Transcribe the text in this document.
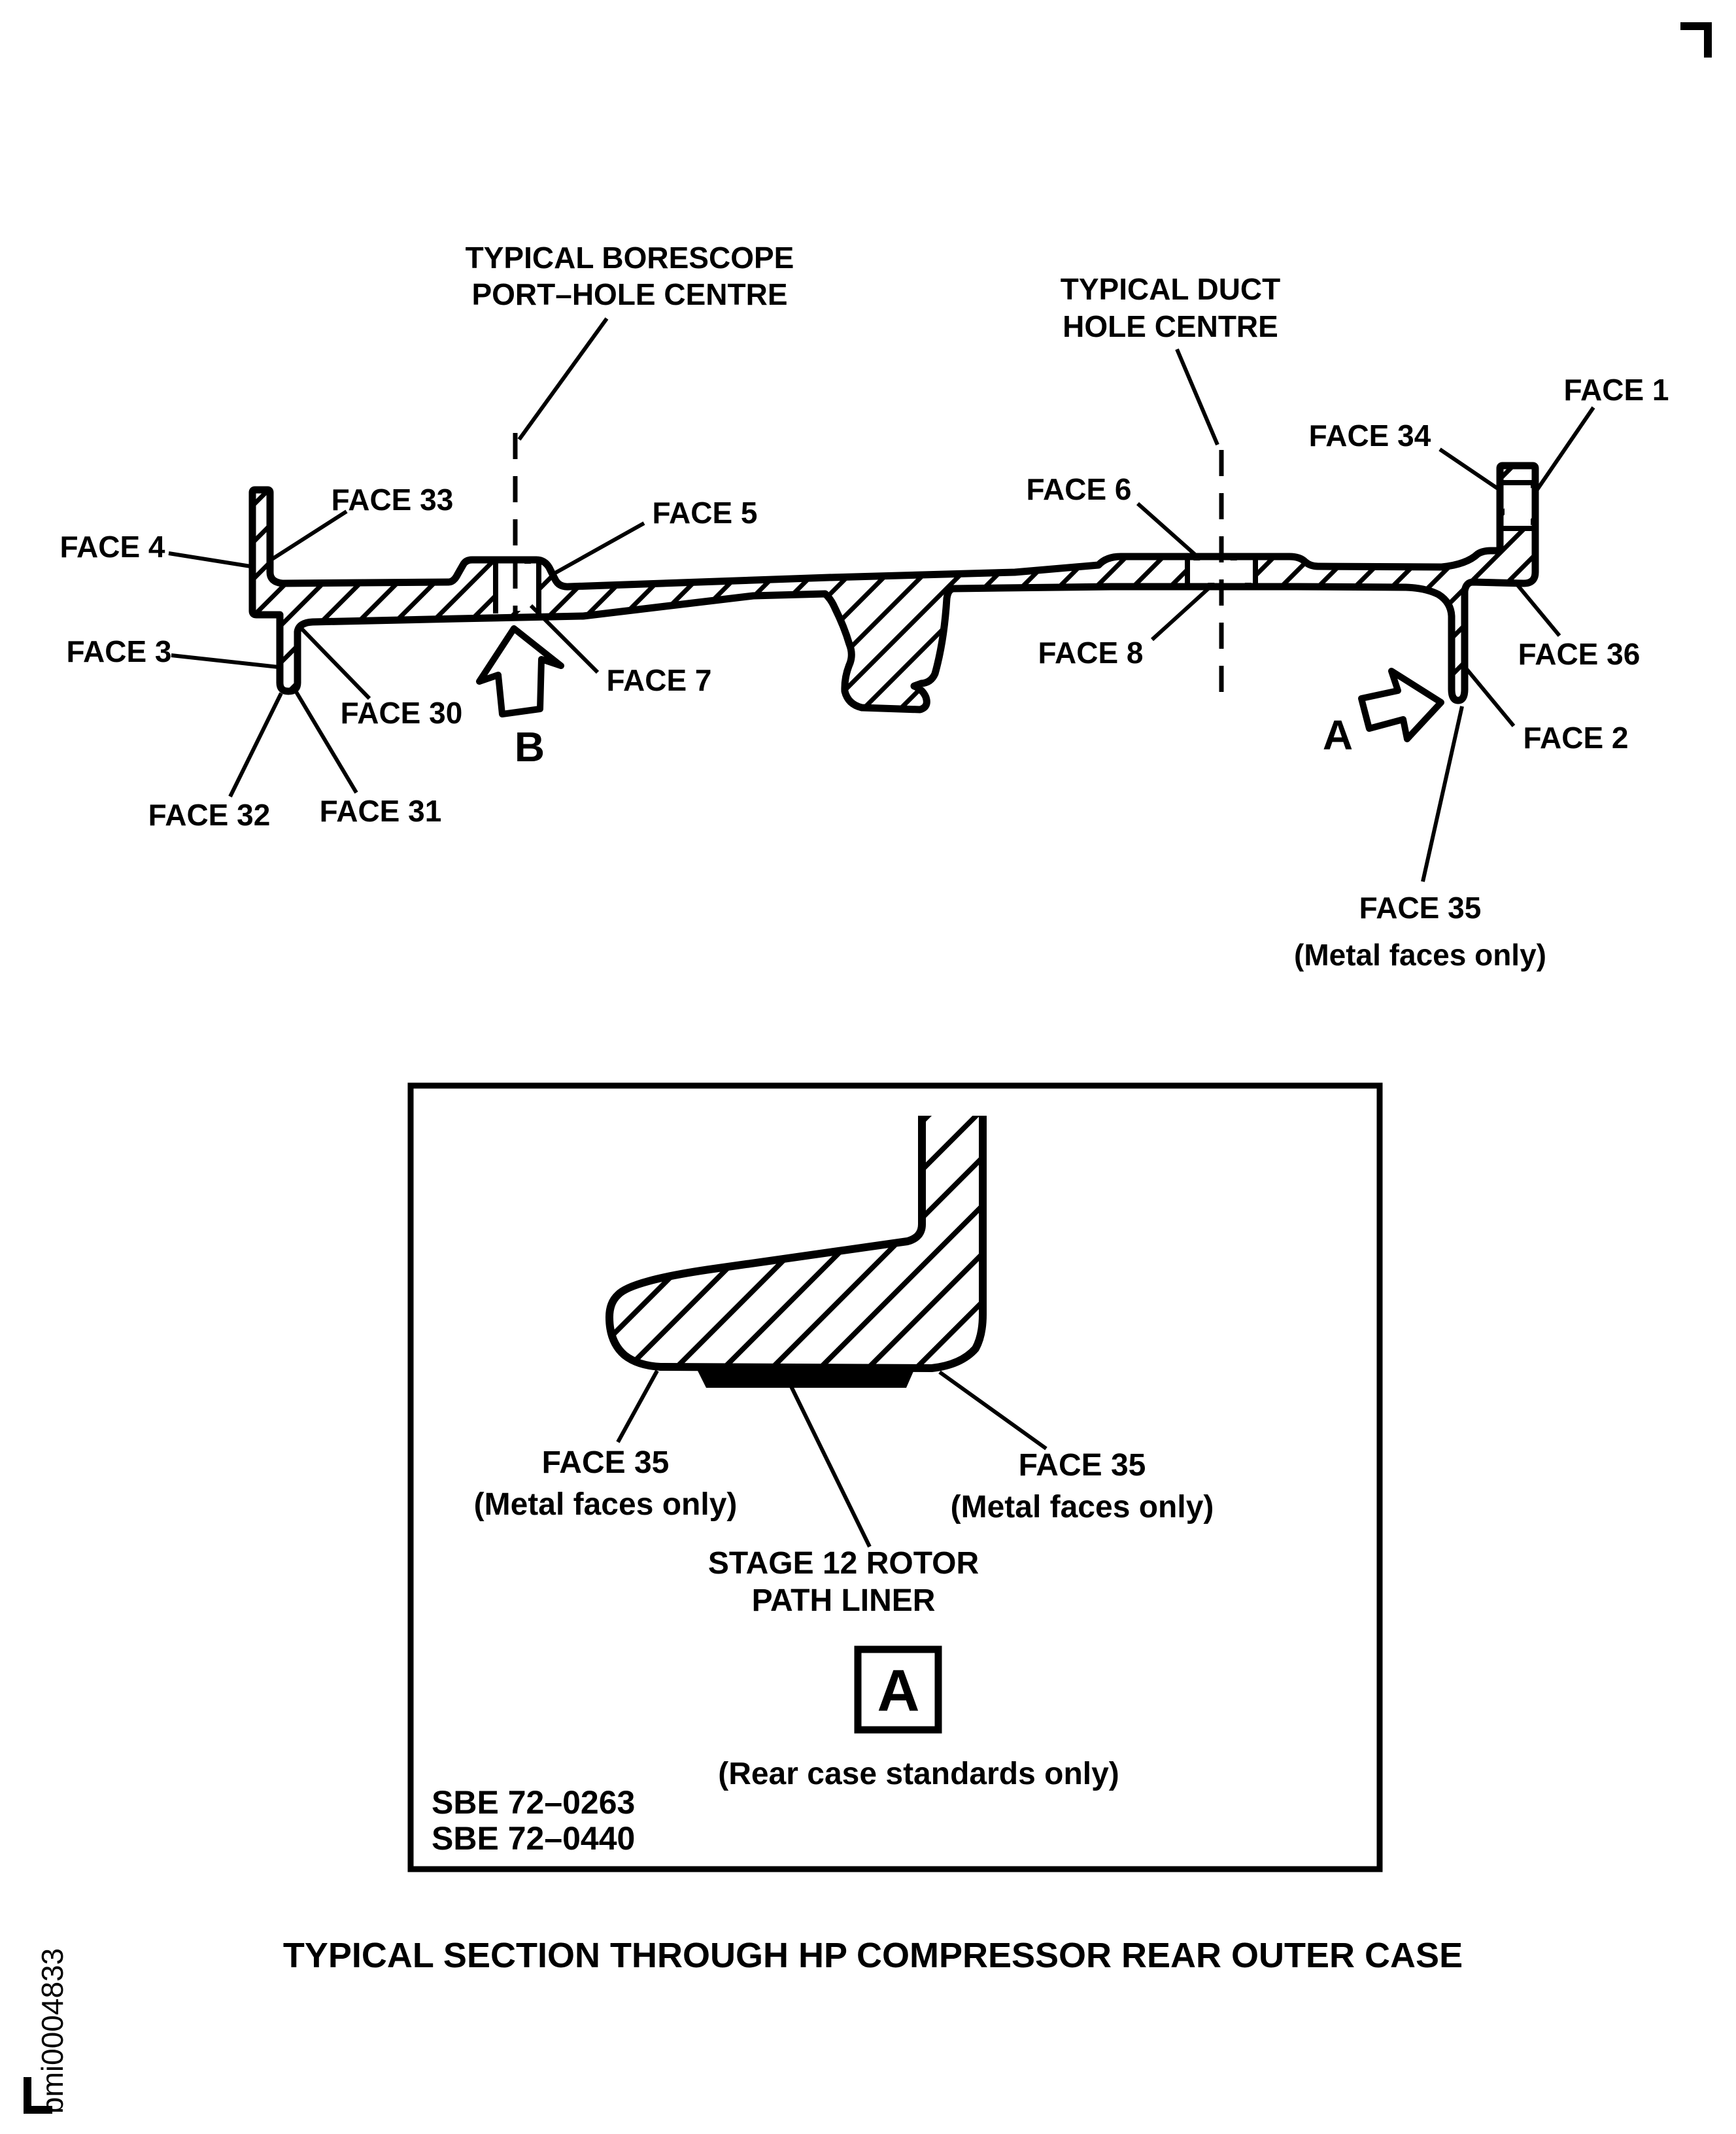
TYPICAL BORESCOPE
PORT–HOLE CENTRE	TYPICAL DUCT
HOLE CENTRE
FACE 4
FACE 33	FACE 5
FACE 7
FACE 3
FACE 30
FACE 32 FACE 31
FACE 6
FACE 8
FACE 34
FACE 1
FACE 36
FACE 2
FACE 35
(Metal faces only)
B	A
FACE 35
(Metal faces only)
FACE 35
(Metal faces only)
STAGE 12 ROTOR
PATH LINER
A
(Rear case standards only)
SBE 72–0263
SBE 72–0440
TYPICAL SECTION THROUGH HP COMPRESSOR REAR OUTER CASE
bmi0004833
